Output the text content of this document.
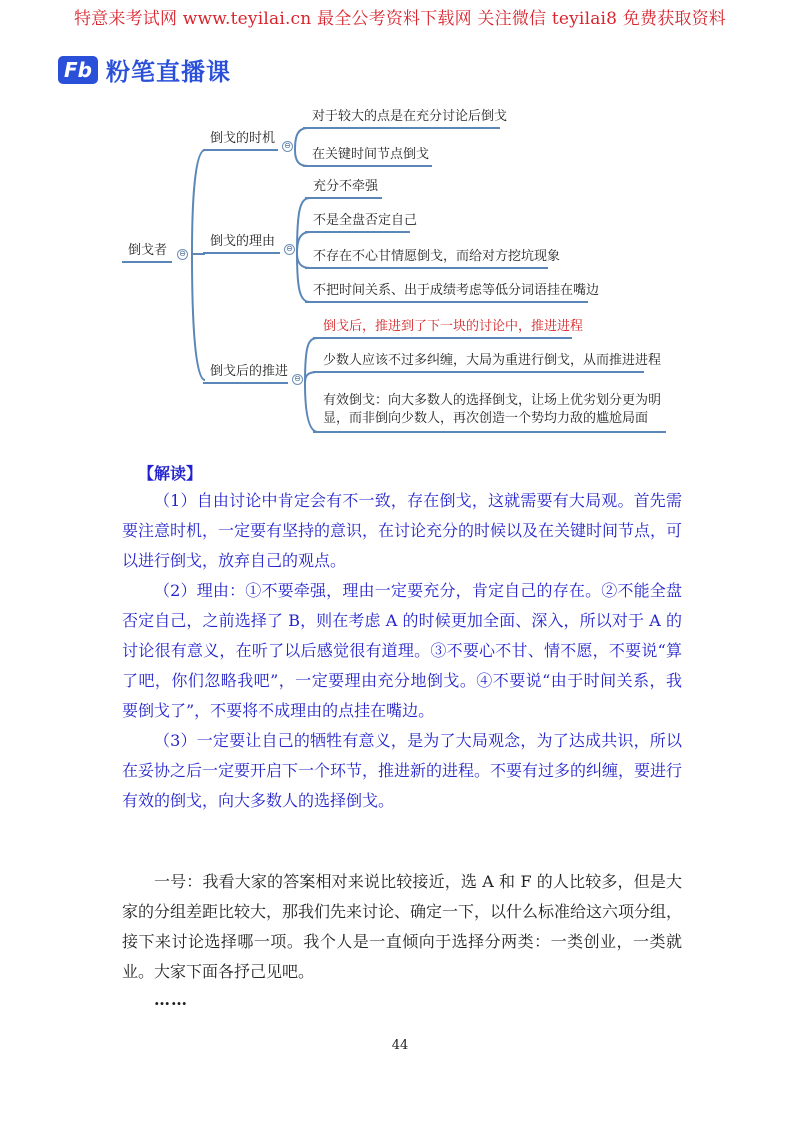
特意来考试网 www.teyilai.cn 最全公考资料下载网 关注微信 teyilai8 免费获取资料
Fb 粉笔直播课
倒戈者 ⊖
倒戈的时机 ⊖
对于较大的点是在充分讨论后倒戈
在关键时间节点倒戈
倒戈的理由 ⊖
充分不牵强
不是全盘否定自己
不存在不心甘情愿倒戈，而给对方挖坑现象
不把时间关系、出于成绩考虑等低分词语挂在嘴边
倒戈后的推进 ⊖
倒戈后，推进到了下一块的讨论中，推进进程
少数人应该不过多纠缠，大局为重进行倒戈，从而推进进程
有效倒戈：向大多数人的选择倒戈，让场上优劣划分更为明显，而非倒向少数人，再次创造一个势均力敌的尴尬局面
【解读】

（1）自由讨论中肯定会有不一致，存在倒戈，这就需要有大局观。首先需要注意时机，一定要有坚持的意识，在讨论充分的时候以及在关键时间节点，可以进行倒戈，放弃自己的观点。

（2）理由：①不要牵强，理由一定要充分，肯定自己的存在。②不能全盘否定自己，之前选择了 B，则在考虑 A 的时候更加全面、深入，所以对于 A 的讨论很有意义，在听了以后感觉很有道理。③不要心不甘、情不愿，不要说“算了吧，你们忽略我吧”，一定要理由充分地倒戈。④不要说“由于时间关系，我要倒戈了”，不要将不成理由的点挂在嘴边。

（3）一定要让自己的牺牲有意义，是为了大局观念，为了达成共识，所以在妥协之后一定要开启下一个环节，推进新的进程。不要有过多的纠缠，要进行有效的倒戈，向大多数人的选择倒戈。

一号：我看大家的答案相对来说比较接近，选 A 和 F 的人比较多，但是大家的分组差距比较大，那我们先来讨论、确定一下，以什么标准给这六项分组，接下来讨论选择哪一项。我个人是一直倾向于选择分两类：一类创业，一类就业。大家下面各抒己见吧。

……
44
